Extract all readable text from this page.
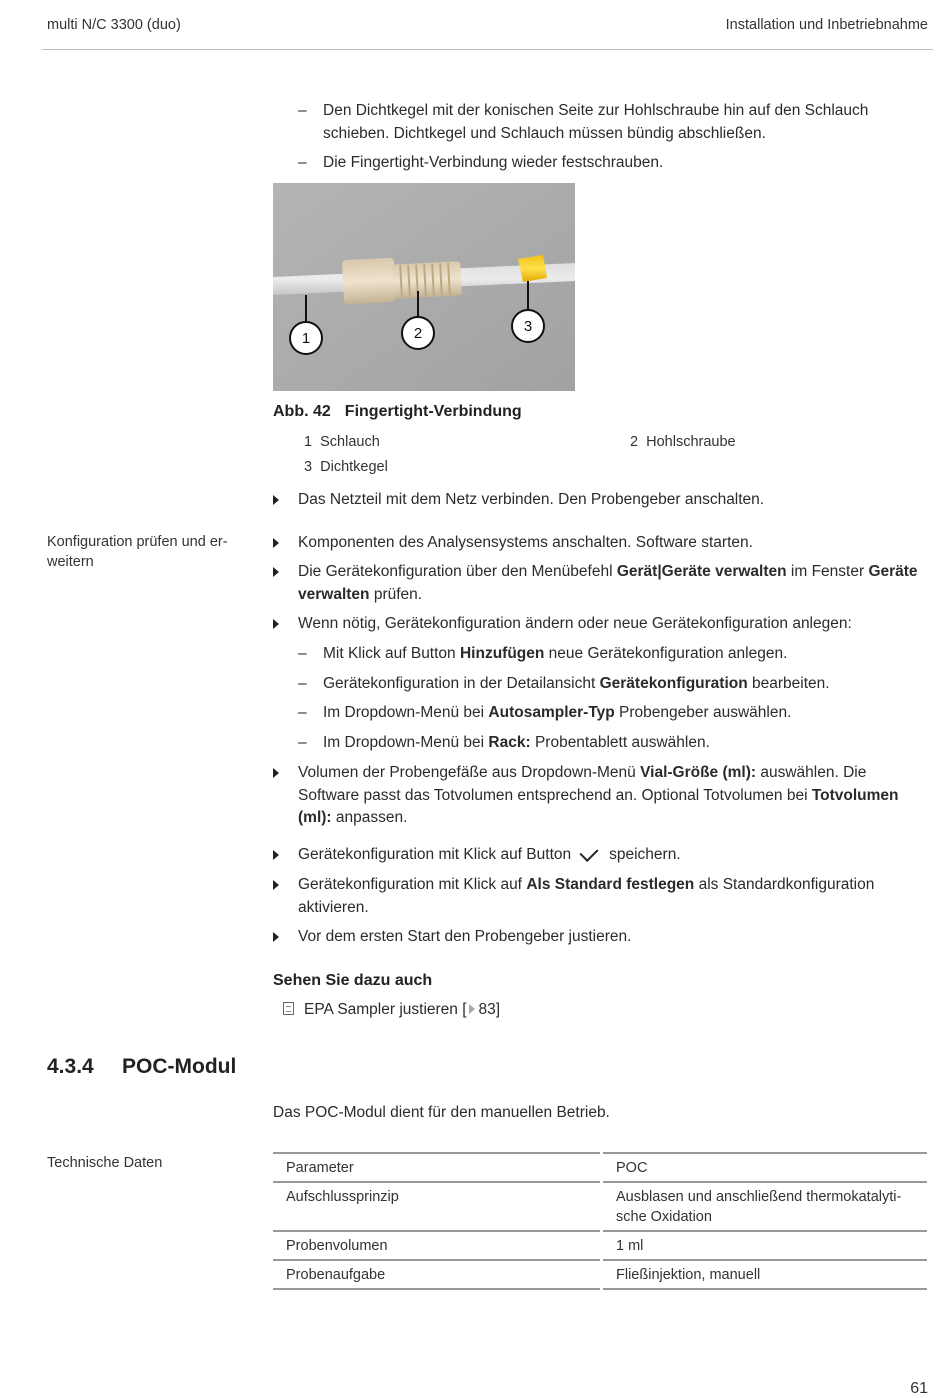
multi N/C 3300 (duo)	Installation und Inbetriebnahme
– Den Dichtkegel mit der konischen Seite zur Hohlschraube hin auf den Schlauch schieben. Dichtkegel und Schlauch müssen bündig abschließen.
– Die Fingertight-Verbindung wieder festschrauben.
1	2	3
Abb. 42 Fingertight-Verbindung
1 Schlauch	2 Hohlschraube
3 Dichtkegel
Das Netzteil mit dem Netz verbinden. Den Probengeber anschalten.
Konfiguration prüfen und erweitern
Komponenten des Analysensystems anschalten. Software starten.
Die Gerätekonfiguration über den Menübefehl Gerät|Geräte verwalten im Fenster Geräte verwalten prüfen.
Wenn nötig, Gerätekonfiguration ändern oder neue Gerätekonfiguration anlegen:
– Mit Klick auf Button Hinzufügen neue Gerätekonfiguration anlegen.
– Gerätekonfiguration in der Detailansicht Gerätekonfiguration bearbeiten.
– Im Dropdown-Menü bei Autosampler-Typ Probengeber auswählen.
– Im Dropdown-Menü bei Rack: Probentablett auswählen.
Volumen der Probengefäße aus Dropdown-Menü Vial-Größe (ml): auswählen. Die Software passt das Totvolumen entsprechend an. Optional Totvolumen bei Totvolumen (ml): anpassen.
Gerätekonfiguration mit Klick auf Button speichern.
Gerätekonfiguration mit Klick auf Als Standard festlegen als Standardkonfiguration aktivieren.
Vor dem ersten Start den Probengeber justieren.
Sehen Sie dazu auch
EPA Sampler justieren [ 83]
4.3.4 POC-Modul
Das POC-Modul dient für den manuellen Betrieb.
Technische Daten	Parameter	POC
Aufschlussprinzip	Ausblasen und anschließend thermokatalytische Oxidation
Probenvolumen	1 ml
Probenaufgabe	Fließinjektion, manuell
61
